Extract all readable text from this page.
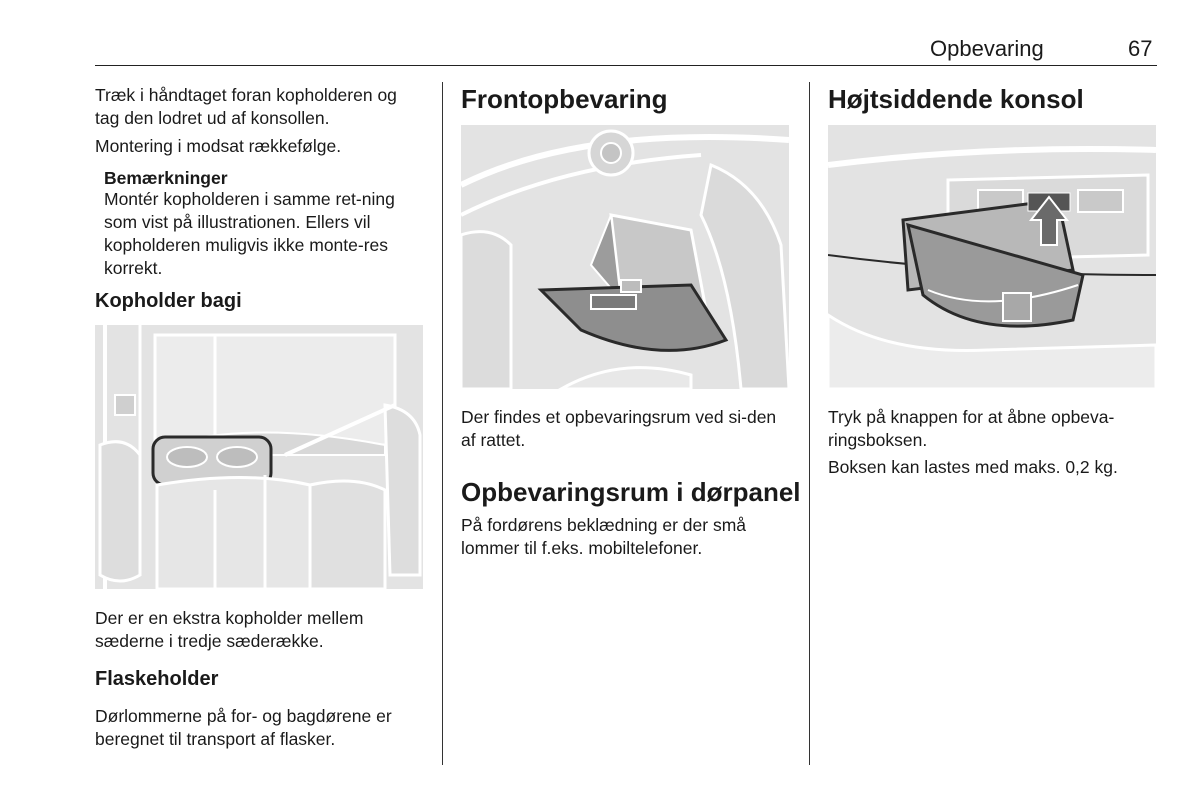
Opbevaring	67

Træk i håndtaget foran kopholderen og tag den lodret ud af konsollen.

Montering i modsat rækkefølge.

Bemærkninger

Montér kopholderen i samme ret-ning som vist på illustrationen. Ellers vil kopholderen muligvis ikke monte-res korrekt.

Kopholder bagi

Der er en ekstra kopholder mellem sæderne i tredje sæderække.

Flaskeholder

Dørlommerne på for- og bagdørene er beregnet til transport af flasker.

Frontopbevaring

Der findes et opbevaringsrum ved si-den af rattet.

Opbevaringsrum i dørpanel

På fordørens beklædning er der små lommer til f.eks. mobiltelefoner.

Højtsiddende konsol

Tryk på knappen for at åbne opbeva-ringsboksen.

Boksen kan lastes med maks. 0,2 kg.
